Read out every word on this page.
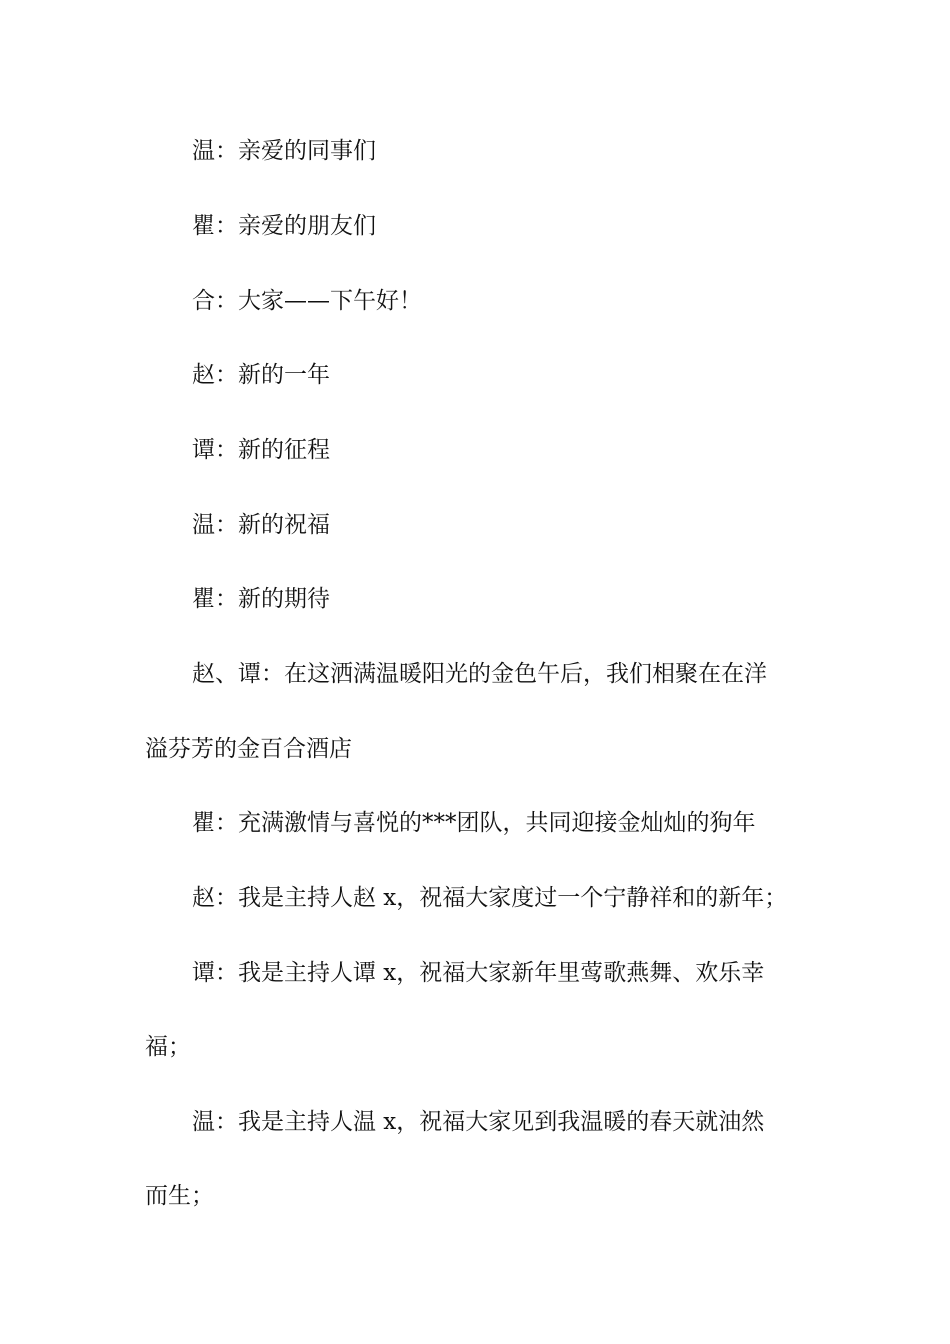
温：亲爱的同事们
瞿：亲爱的朋友们
合：大家——下午好！
赵：新的一年
谭：新的征程
温：新的祝福
瞿：新的期待
赵、谭：在这洒满温暖阳光的金色午后，我们相聚在在洋
溢芬芳的金百合酒店
瞿：充满激情与喜悦的***团队，共同迎接金灿灿的狗年
赵：我是主持人赵 x，祝福大家度过一个宁静祥和的新年；
谭：我是主持人谭 x，祝福大家新年里莺歌燕舞、欢乐幸
福；
温：我是主持人温 x，祝福大家见到我温暖的春天就油然
而生；
